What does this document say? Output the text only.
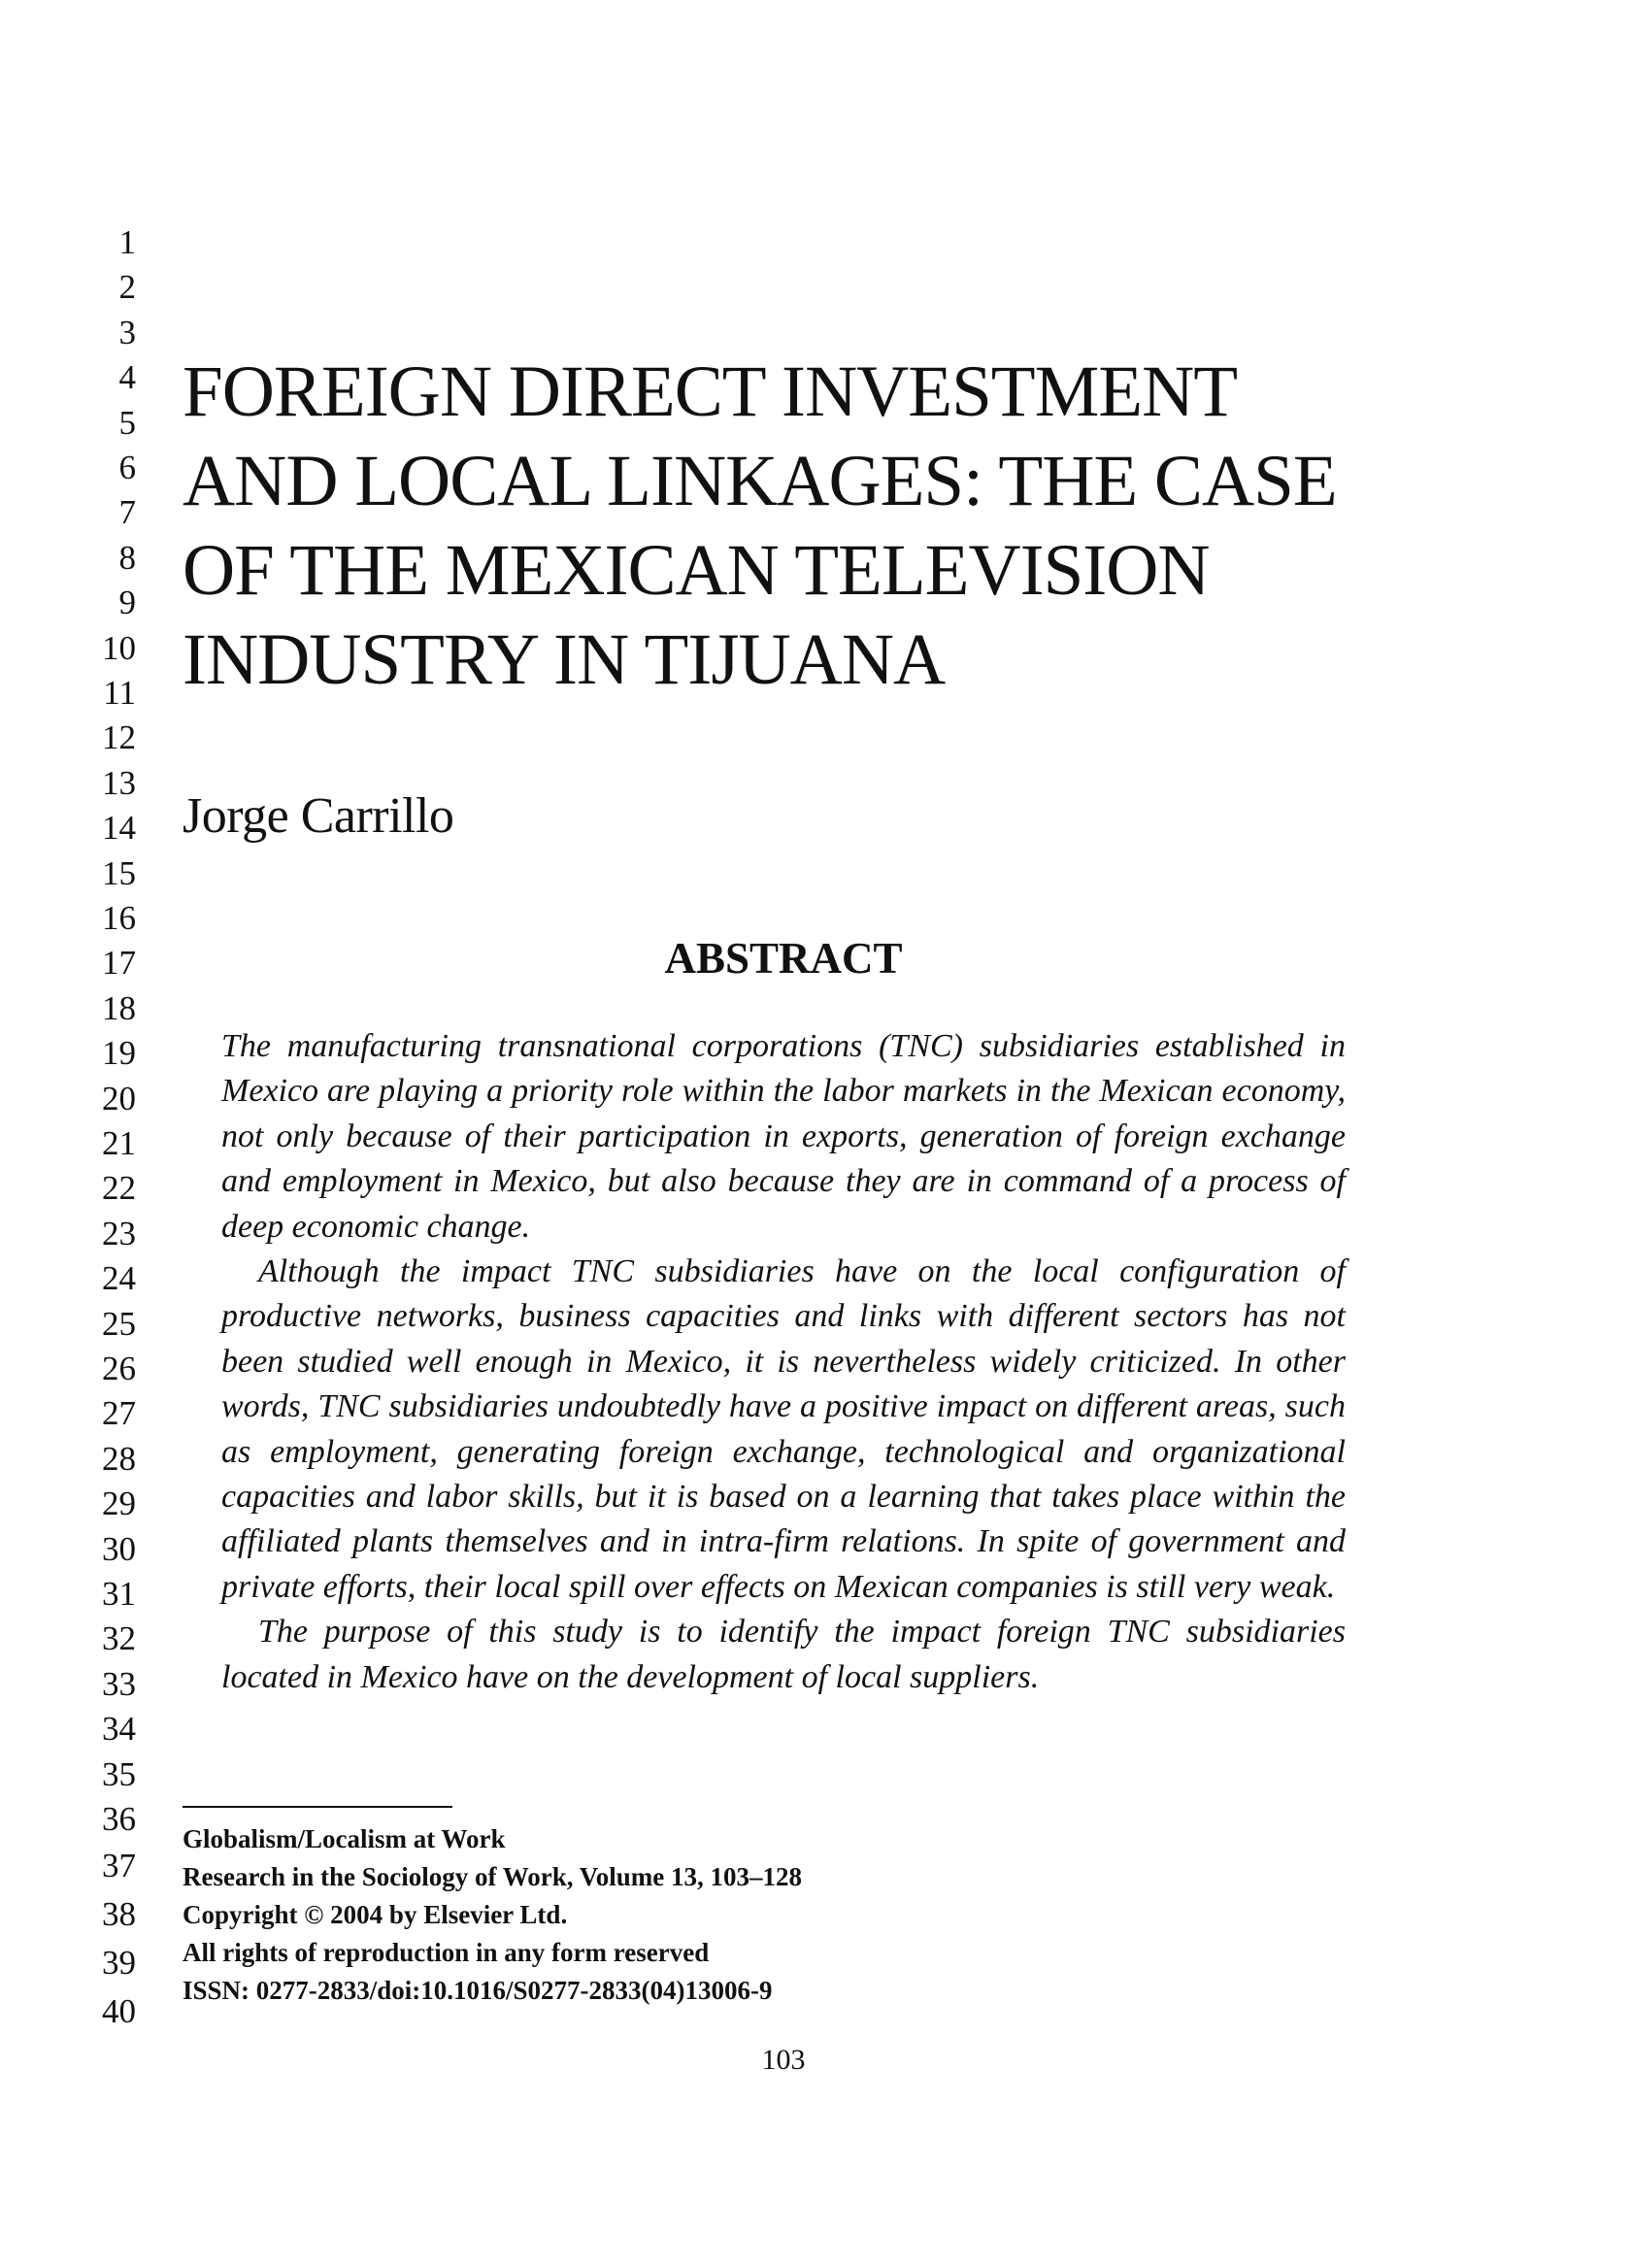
1
2
3
4
5
6
7
8
9
10
11
12
13
14
15
16
17
18
19
20
21
22
23
24
25
26
27
28
29
30
31
32
33
34
35
36
37
38
39
40
FOREIGN DIRECT INVESTMENT
AND LOCAL LINKAGES: THE CASE
OF THE MEXICAN TELEVISION
INDUSTRY IN TIJUANA
Jorge Carrillo
ABSTRACT

The manufacturing transnational corporations (TNC) subsidiaries established in Mexico are playing a priority role within the labor markets in the Mexican economy, not only because of their participation in exports, generation of foreign exchange and employment in Mexico, but also because they are in command of a process of deep economic change.

Although the impact TNC subsidiaries have on the local configuration of productive networks, business capacities and links with different sectors has not been studied well enough in Mexico, it is nevertheless widely criticized. In other words, TNC subsidiaries undoubtedly have a positive impact on different areas, such as employment, generating foreign exchange, technological and organizational capacities and labor skills, but it is based on a learning that takes place within the affiliated plants themselves and in intra-firm relations. In spite of government and private efforts, their local spill over effects on Mexican companies is still very weak.

The purpose of this study is to identify the impact foreign TNC subsidiaries located in Mexico have on the development of local suppliers.

Globalism/Localism at Work
Research in the Sociology of Work, Volume 13, 103–128
Copyright © 2004 by Elsevier Ltd.
All rights of reproduction in any form reserved
ISSN: 0277-2833/doi:10.1016/S0277-2833(04)13006-9
103
